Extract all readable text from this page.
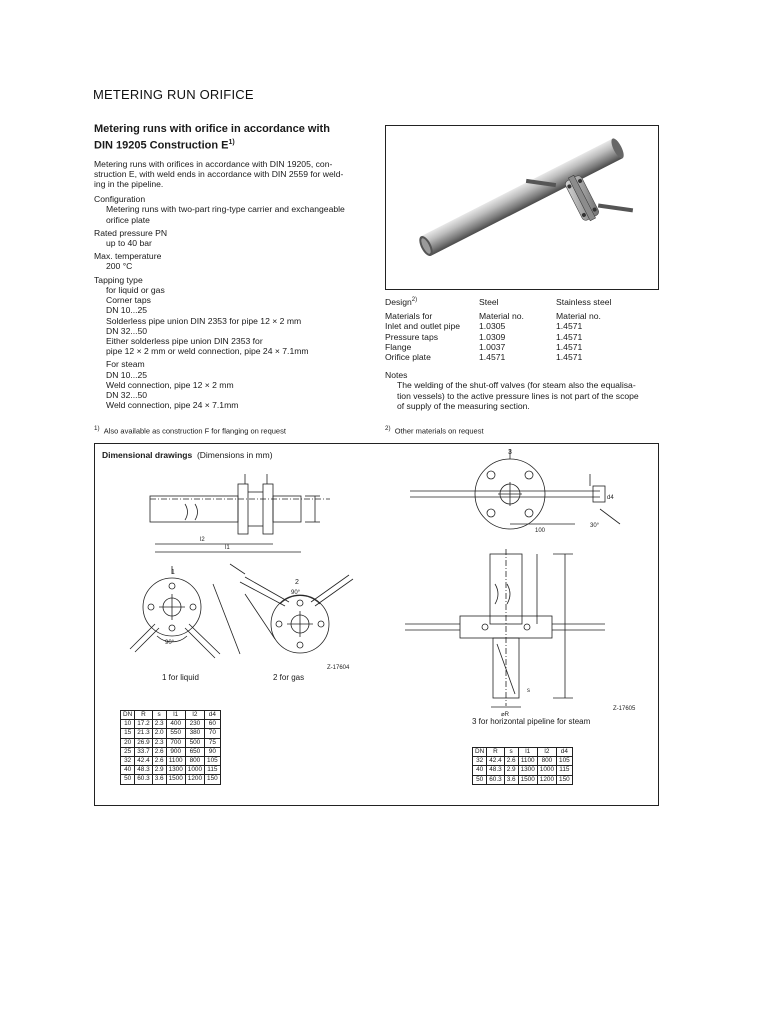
METERING RUN ORIFICE
Metering runs with orifice in accordance with
DIN 19205 Construction $E^{1)}$
Metering runs with orifices in accordance with DIN 19205, con-
struction E, with weld ends in accordance with DIN 2559 for weld-
ing in the pipeline.
Configuration
Metering runs with two-part ring-type carrier and exchangeable
orifice plate
Rated pressure PN
up to 40 bar
Max. temperature
200 °C
Tapping type
for liquid or gas
Corner taps
DN 10...25
Solderless pipe union DIN 2353 for pipe 12 × 2 mm
DN 32...50
Either solderless pipe union DIN 2353 for
pipe 12 × 2 mm or weld connection, pipe 24 × 7.1mm
For steam
DN 10...25
Weld connection, pipe 12 × 2 mm
DN 32...50
Weld connection, pipe 24 × 7.1mm
$^{1)}$ Also available as construction F for flanging on request
Design$^{2)}$	Steel	Stainless steel

Materials for	Material no.	Material no.
Inlet and outlet pipe	1.0305	1.4571
Pressure taps	1.0309	1.4571
Flange	1.0037	1.4571
Orifice plate	1.4571	1.4571
Notes
The welding of the shut-off valves (for steam also the equalisa-
tion vessels) to the active pressure lines is not part of the scope
of supply of the measuring section.
$^{2)}$ Other materials on request
Dimensional drawings (Dimensions in mm)
1
2
3
90°
90°
30°
100
l2
l1
⌀R
s
d4
Z-17604
Z-17605
1 for liquid	2 for gas
3 for horizontal pipeline for steam
DN	R	s	l1	l2	d4
10	17.2	2.3	400	230	60
15	21.3	2.0	550	380	70
20	26.9	2.3	700	500	75
25	33.7	2.6	900	650	90
32	42.4	2.6	1100	800	105
40	48.3	2.9	1300	1000	115
50	60.3	3.6	1500	1200	150
DN	R	s	l1	l2	d4
32	42.4	2.6	1100	800	105
40	48.3	2.9	1300	1000	115
50	60.3	3.6	1500	1200	150
